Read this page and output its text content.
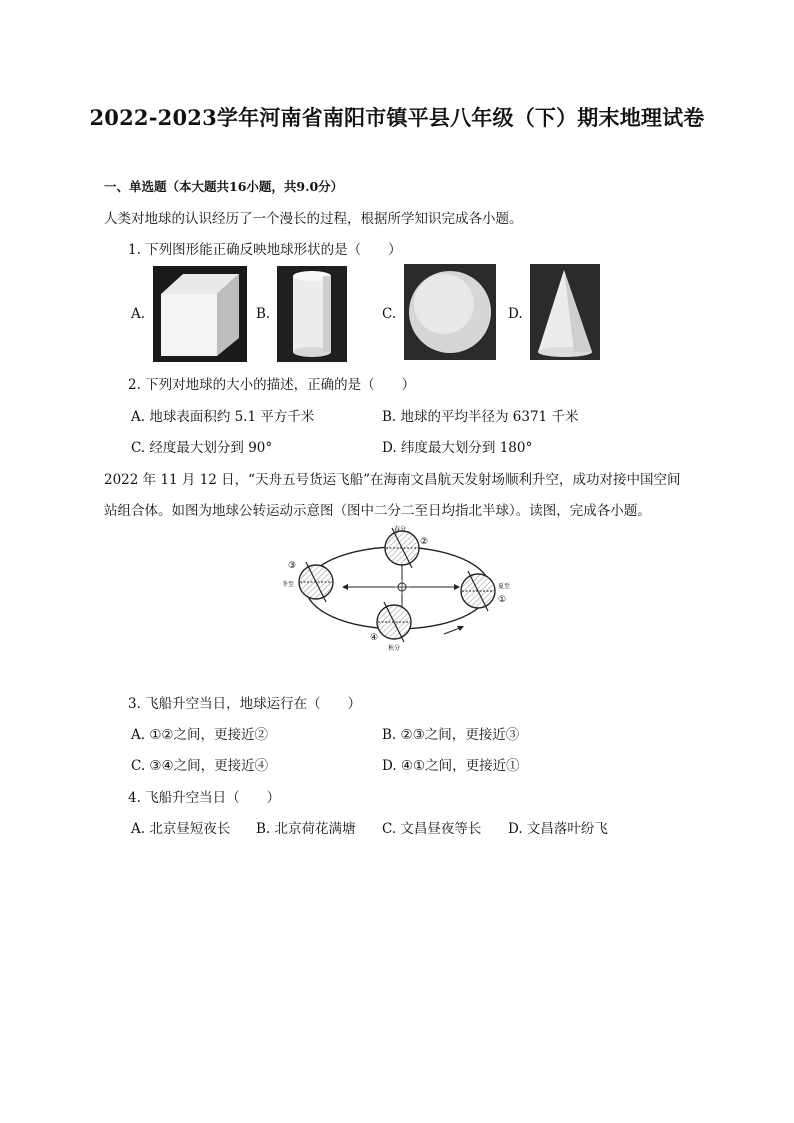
2022-2023学年河南省南阳市镇平县八年级（下）期末地理试卷
一、单选题（本大题共16小题，共9.0分）
人类对地球的认识经历了一个漫长的过程，根据所学知识完成各小题。
1. 下列图形能正确反映地球形状的是（　　）
A.	B.	C.	D.
2. 下列对地球的大小的描述，正确的是（　　）
A. 地球表面积约 5.1 平方千米	B. 地球的平均半径为 6371 千米
C. 经度最大划分到 90°	D. 纬度最大划分到 180°
2022 年 11 月 12 日，“天舟五号货运飞船”在海南文昌航天发射场顺利升空，成功对接中国空间
站组合体。如图为地球公转运动示意图（图中二分二至日均指北半球）。读图，完成各小题。
春分
②
③
冬至	夏至
①
④
秋分
3. 飞船升空当日，地球运行在（　　）
A. ①②之间，更接近②	B. ②③之间，更接近③
C. ③④之间，更接近④	D. ④①之间，更接近①
4. 飞船升空当日（　　）
A. 北京昼短夜长 B. 北京荷花满塘 C. 文昌昼夜等长 D. 文昌落叶纷飞
